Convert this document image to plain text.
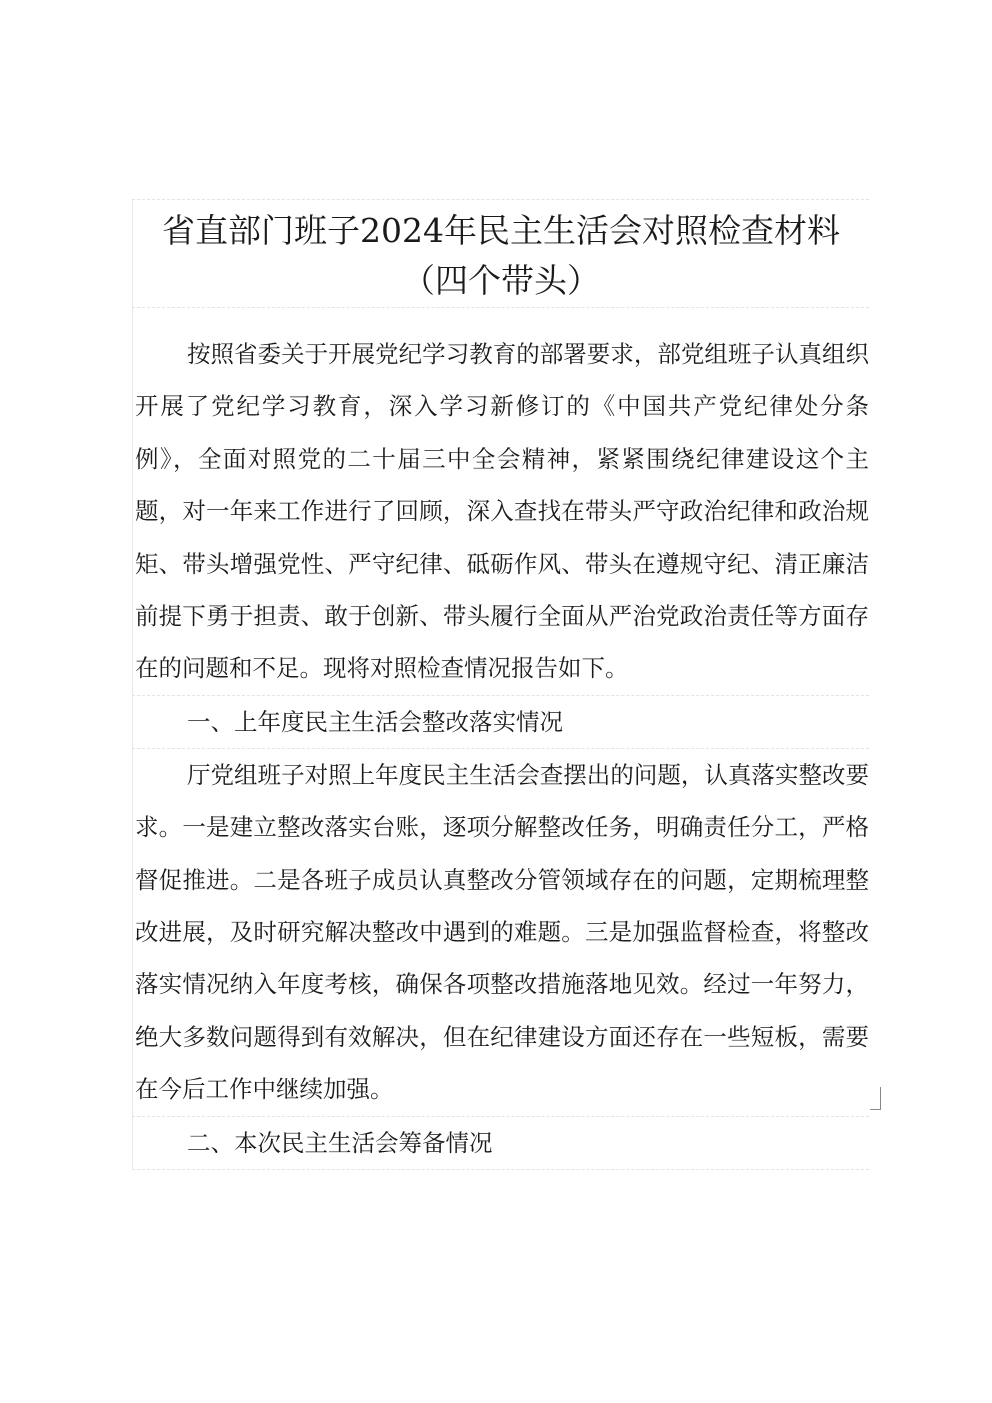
省直部门班子2024年民主生活会对照检查材料
（四个带头）

按照省委关于开展党纪学习教育的部署要求，部党组班子认真组织开展了党纪学习教育，深入学习新修订的《中国共产党纪律处分条例》，全面对照党的二十届三中全会精神，紧紧围绕纪律建设这个主题，对一年来工作进行了回顾，深入查找在带头严守政治纪律和政治规矩、带头增强党性、严守纪律、砥砺作风、带头在遵规守纪、清正廉洁前提下勇于担责、敢于创新、带头履行全面从严治党政治责任等方面存在的问题和不足。现将对照检查情况报告如下。

一、上年度民主生活会整改落实情况

厅党组班子对照上年度民主生活会查摆出的问题，认真落实整改要求。一是建立整改落实台账，逐项分解整改任务，明确责任分工，严格督促推进。二是各班子成员认真整改分管领域存在的问题，定期梳理整改进展，及时研究解决整改中遇到的难题。三是加强监督检查，将整改落实情况纳入年度考核，确保各项整改措施落地见效。经过一年努力，绝大多数问题得到有效解决，但在纪律建设方面还存在一些短板，需要在今后工作中继续加强。

二、本次民主生活会筹备情况
